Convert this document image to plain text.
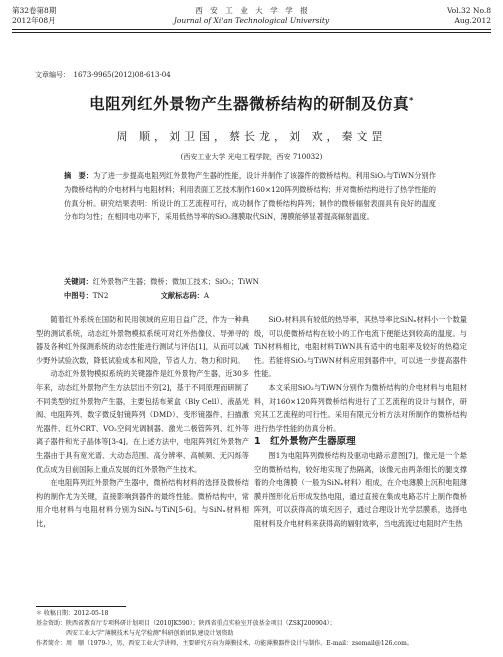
第32卷第8期
2012年08月
西　安　工　业　大　学　学　报
Journal of Xi'an Technological University
Vol.32 No.8
Aug.2012
文章编号：　1673-9965(2012)08-613-04
电阻列红外景物产生器微桥结构的研制及仿真*
周 顺，刘卫国，蔡长龙，刘 欢，秦文罡
(西安工业大学 光电工程学院，西安 710032)
摘　要：为了进一步提高电阻列红外景物产生器的性能，设计并制作了该器件的微桥结构。利用SiO₂与TiWN分别作为微桥结构的介电材料与电阻材料；利用表面工艺技术制作160×120阵列微桥结构；并对微桥结构进行了热学性能的仿真分析。研究结果表明：所设计的工艺流程可行，成功制作了微桥结构阵列；制作的微桥辐射表面具有良好的温度分布均匀性；在相同电功率下，采用低热导率的SiO₂薄膜取代SiN，薄膜能够显著提高辐射温度。
关键词：红外景物产生器；微桥；微加工技术；SiO₂；TiWN
中图号：TN2	文献标志码：A

随着红外系统在国防和民用领域的应用日益广泛，作为一种典型的测试系统，动态红外景物模拟系统可对红外热像仪、导弹寻的器及各种红外探测系统的动态性能进行测试与评估[1]，从而可以减少野外试验次数，降低试验成本和风险，节省人力、物力和时间。

动态红外景物模拟系统的关键器件是红外景物产生器，近30多年来，动态红外景物产生方法层出不穷[2]，基于不同原理而研制了不同类型的红外景物产生器，主要包括布莱盒（Bly Cell）、液晶光阀、电阻阵列、数字微反射镜阵列（DMD）、变形镜器件、扫描激光器件、红外CRT、VO₂空间光调制器、激光二极管阵列、红外等离子器件和光子晶体等[3-4]。在上述方法中，电阻阵列红外景物产生器由于具有宽光谱、大动态范围、高分辨率、高帧频、无闪烁等优点成为目前国际上重点发展的红外景物产生技术。

在电阻阵列红外景物产生器中，微桥结构材料的选择及微桥结构的制作尤为关键，直接影响到器件的最终性能。微桥结构中，常用介电材料与电阻材料分别为SiNₓ与TiN[5-6]。与SiNₓ材料相比，

SiO₂材料具有较低的热导率，其热导率比SiNₓ材料小一个数量级，可以使微桥结构在较小的工作电流下便能达到较高的温度。与TiN材料相比，电阻材料TiWN具有适中的电阻率及较好的热稳定性。若能将SiO₂与TiWN材料应用到器件中，可以进一步提高器件性能。

本文采用SiO₂与TiWN分别作为微桥结构的介电材料与电阻材料，对160×120阵列微桥结构进行了工艺流程的设计与制作，研究其工艺流程的可行性。采用有限元分析方法对所制作的微桥结构进行热学性能的仿真分析。

1　红外景物产生器原理

图1为电阻阵列微桥结构及驱动电路示意图[7]，像元是一个悬空的微桥结构，较好地实现了热隔离，该像元由两条细长的腿支撑着的介电薄膜（一般为SiNₓ材料）组成，在介电薄膜上沉积电阻薄膜并图形化后形成发热电阻，通过直接在集成电路芯片上制作微桥阵列，可以获得高的填充因子，通过合理设计光学层膜系，选择电阻材料及介电材料来获得高的辐射效率，当电流流过电阻时产生热

＊ 收稿日期：2012-05-18
基金资助：陕西省教育厅专项科研计划项目（2010JK590）；陕西省重点实验室开放基金项目（ZSKJ200904）；
　　　　　西安工业大学"薄膜技术与光学检测"科研创新团队建设计划资助
作者简介：周　顺（1979-），男，西安工业大学讲师，主要研究方向为薄膜技术、功能薄膜器件设计与制作。E-mail：zsemail@126.com。
